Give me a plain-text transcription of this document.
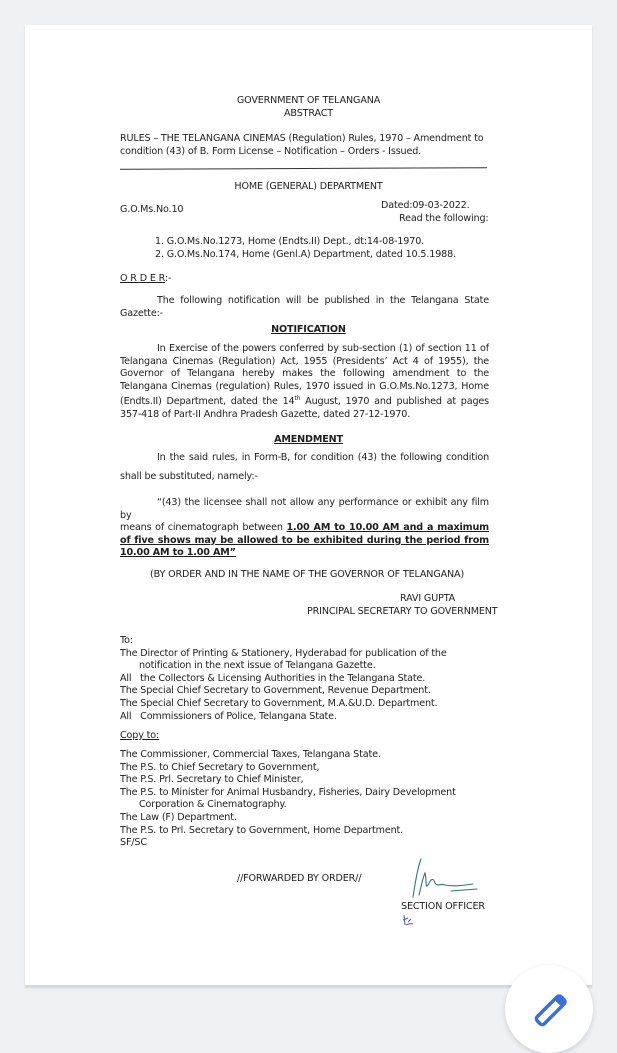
GOVERNMENT OF TELANGANA
ABSTRACT
RULES – THE TELANGANA CINEMAS (Regulation) Rules, 1970 – Amendment to
condition (43) of B. Form License – Notification – Orders - Issued.
HOME (GENERAL) DEPARTMENT
G.O.Ms.No.10	Dated:09-03-2022.
Read the following:
1. G.O.Ms.No.1273, Home (Endts.II) Dept., dt:14-08-1970.
2. G.O.Ms.No.174, Home (Genl.A) Department, dated 10.5.1988.
O R D E R:-
The following notification will be published in the Telangana State
Gazette:-
NOTIFICATION
In Exercise of the powers conferred by sub-section (1) of section 11 of
Telangana Cinemas (Regulation) Act, 1955 (Presidents’ Act 4 of 1955), the
Governor of Telangana hereby makes the following amendment to the
Telangana Cinemas (regulation) Rules, 1970 issued in G.O.Ms.No.1273, Home
(Endts.II) Department, dated the 14th August, 1970 and published at pages
357-418 of Part-II Andhra Pradesh Gazette, dated 27-12-1970.
AMENDMENT
In the said rules, in Form-B, for condition (43) the following condition
shall be substituted, namely:-
“(43) the licensee shall not allow any performance or exhibit any film by
means of cinematograph between 1.00 AM to 10.00 AM and a maximum
of five shows may be allowed to be exhibited during the period from
10.00 AM to 1.00 AM”
(BY ORDER AND IN THE NAME OF THE GOVERNOR OF TELANGANA)
RAVI GUPTA
PRINCIPAL SECRETARY TO GOVERNMENT
To:
The Director of Printing & Stationery, Hyderabad for publication of the
notification in the next issue of Telangana Gazette.
All   the Collectors & Licensing Authorities in the Telangana State.
The Special Chief Secretary to Government, Revenue Department.
The Special Chief Secretary to Government, M.A.&U.D. Department.
All   Commissioners of Police, Telangana State.
Copy to:
The Commissioner, Commercial Taxes, Telangana State.
The P.S. to Chief Secretary to Government,
The P.S. Prl. Secretary to Chief Minister,
The P.S. to Minister for Animal Husbandry, Fisheries, Dairy Development
Corporation & Cinematography.
The Law (F) Department.
The P.S. to Prl. Secretary to Government, Home Department.
SF/SC
//FORWARDED BY ORDER//
SECTION OFFICER
